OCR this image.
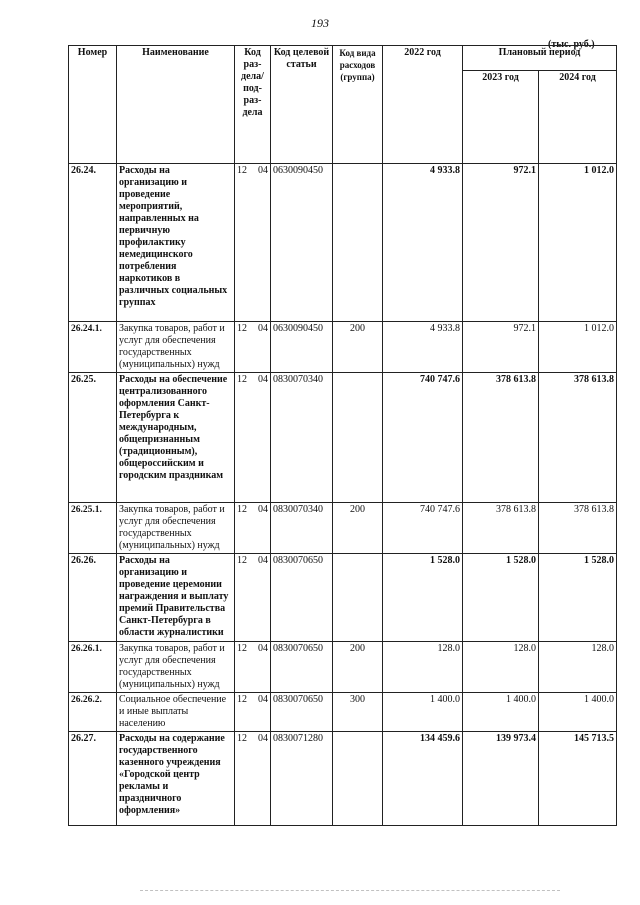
193
(тыс. руб.)
Номер	Наименование	Код раз-дела/ под-раз-дела	Код целевой статьи	Код вида расходов (группа)	2022 год	Плановый период	
						2023 год	2024 год
26.24.	Расходы на организацию и проведение мероприятий, направленных на первичную профилактику немедицинского потребления наркотиков в различных социальных группах	12 04	0630090450		4 933.8	972.1	1 012.0
26.24.1.	Закупка товаров, работ и услуг для обеспечения государственных (муниципальных) нужд	12 04	0630090450	200	4 933.8	972.1	1 012.0
26.25.	Расходы на обеспечение централизованного оформления Санкт-Петербурга к международным, общепризнанным (традиционным), общероссийским и городским праздникам	12 04	0830070340		740 747.6	378 613.8	378 613.8
26.25.1.	Закупка товаров, работ и услуг для обеспечения государственных (муниципальных) нужд	12 04	0830070340	200	740 747.6	378 613.8	378 613.8
26.26.	Расходы на организацию и проведение церемонии награждения и выплату премий Правительства Санкт-Петербурга в области журналистики	12 04	0830070650		1 528.0	1 528.0	1 528.0
26.26.1.	Закупка товаров, работ и услуг для обеспечения государственных (муниципальных) нужд	12 04	0830070650	200	128.0	128.0	128.0
26.26.2.	Социальное обеспечение и иные выплаты населению	12 04	0830070650	300	1 400.0	1 400.0	1 400.0
26.27.	Расходы на содержание государственного казенного учреждения «Городской центр рекламы и праздничного оформления»	12 04	0830071280		134 459.6	139 973.4	145 713.5
